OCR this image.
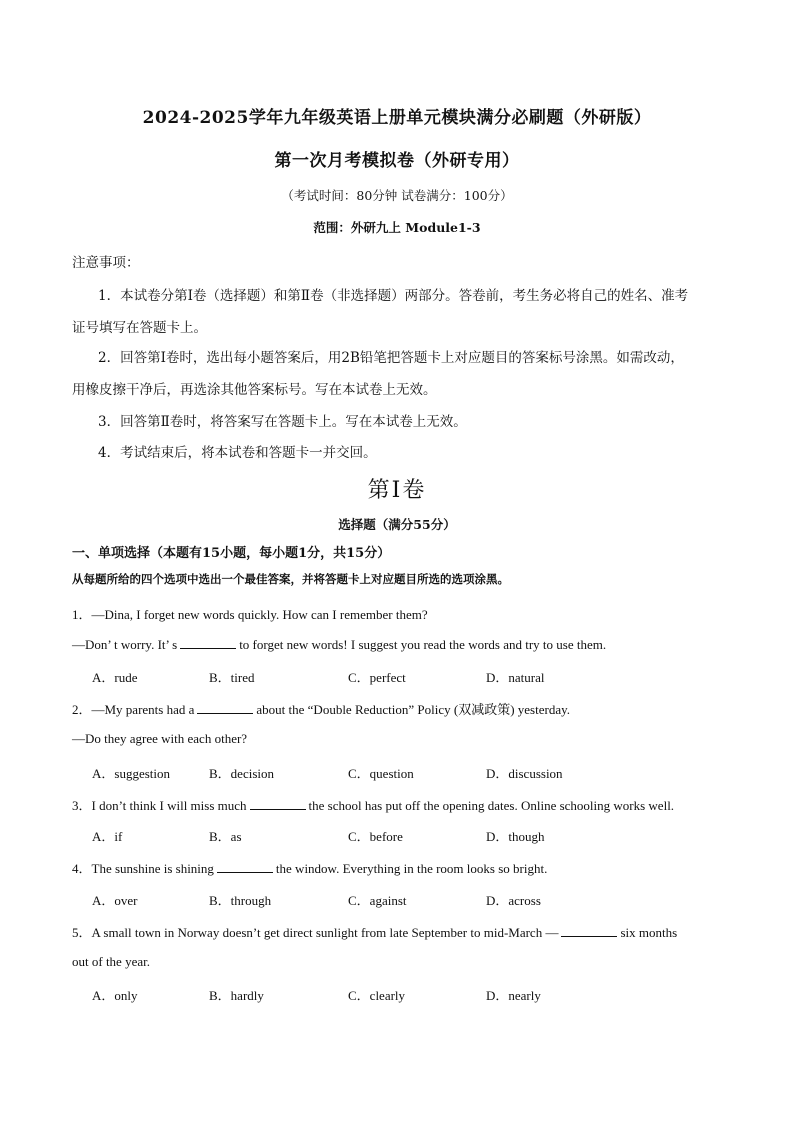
2024-2025学年九年级英语上册单元模块满分必刷题（外研版）
第一次月考模拟卷（外研专用）
（考试时间：80分钟 试卷满分：100分）
范围：外研九上 Module1-3
注意事项：
1．本试卷分第Ⅰ卷（选择题）和第Ⅱ卷（非选择题）两部分。答卷前，考生务必将自己的姓名、准考
证号填写在答题卡上。
2．回答第Ⅰ卷时，选出每小题答案后，用2B铅笔把答题卡上对应题目的答案标号涂黑。如需改动，
用橡皮擦干净后，再选涂其他答案标号。写在本试卷上无效。
3．回答第Ⅱ卷时，将答案写在答题卡上。写在本试卷上无效。
4．考试结束后，将本试卷和答题卡一并交回。
第Ⅰ卷
选择题（满分55分）
一、单项选择（本题有15小题，每小题1分，共15分）
从每题所给的四个选项中选出一个最佳答案，并将答题卡上对应题目所选的选项涂黑。
1．—Dina, I forget new words quickly. How can I remember them?
—Don’ t worry. It’ s	to forget new words! I suggest you read the words and try to use them.
A．rude	B．tired	C．perfect	D．natural
2．—My parents had a	about the “Double Reduction” Policy (双减政策) yesterday.
—Do they agree with each other?
A．suggestion	B．decision	C．question	D．discussion
3．I don’t think I will miss much	the school has put off the opening dates. Online schooling works well.
A．if	B．as	C．before	D．though
4．The sunshine is shining	the window. Everything in the room looks so bright.
A．over	B．through	C．against	D．across
5．A small town in Norway doesn’t get direct sunlight from late September to mid-March —	six months
out of the year.
A．only	B．hardly	C．clearly	D．nearly
